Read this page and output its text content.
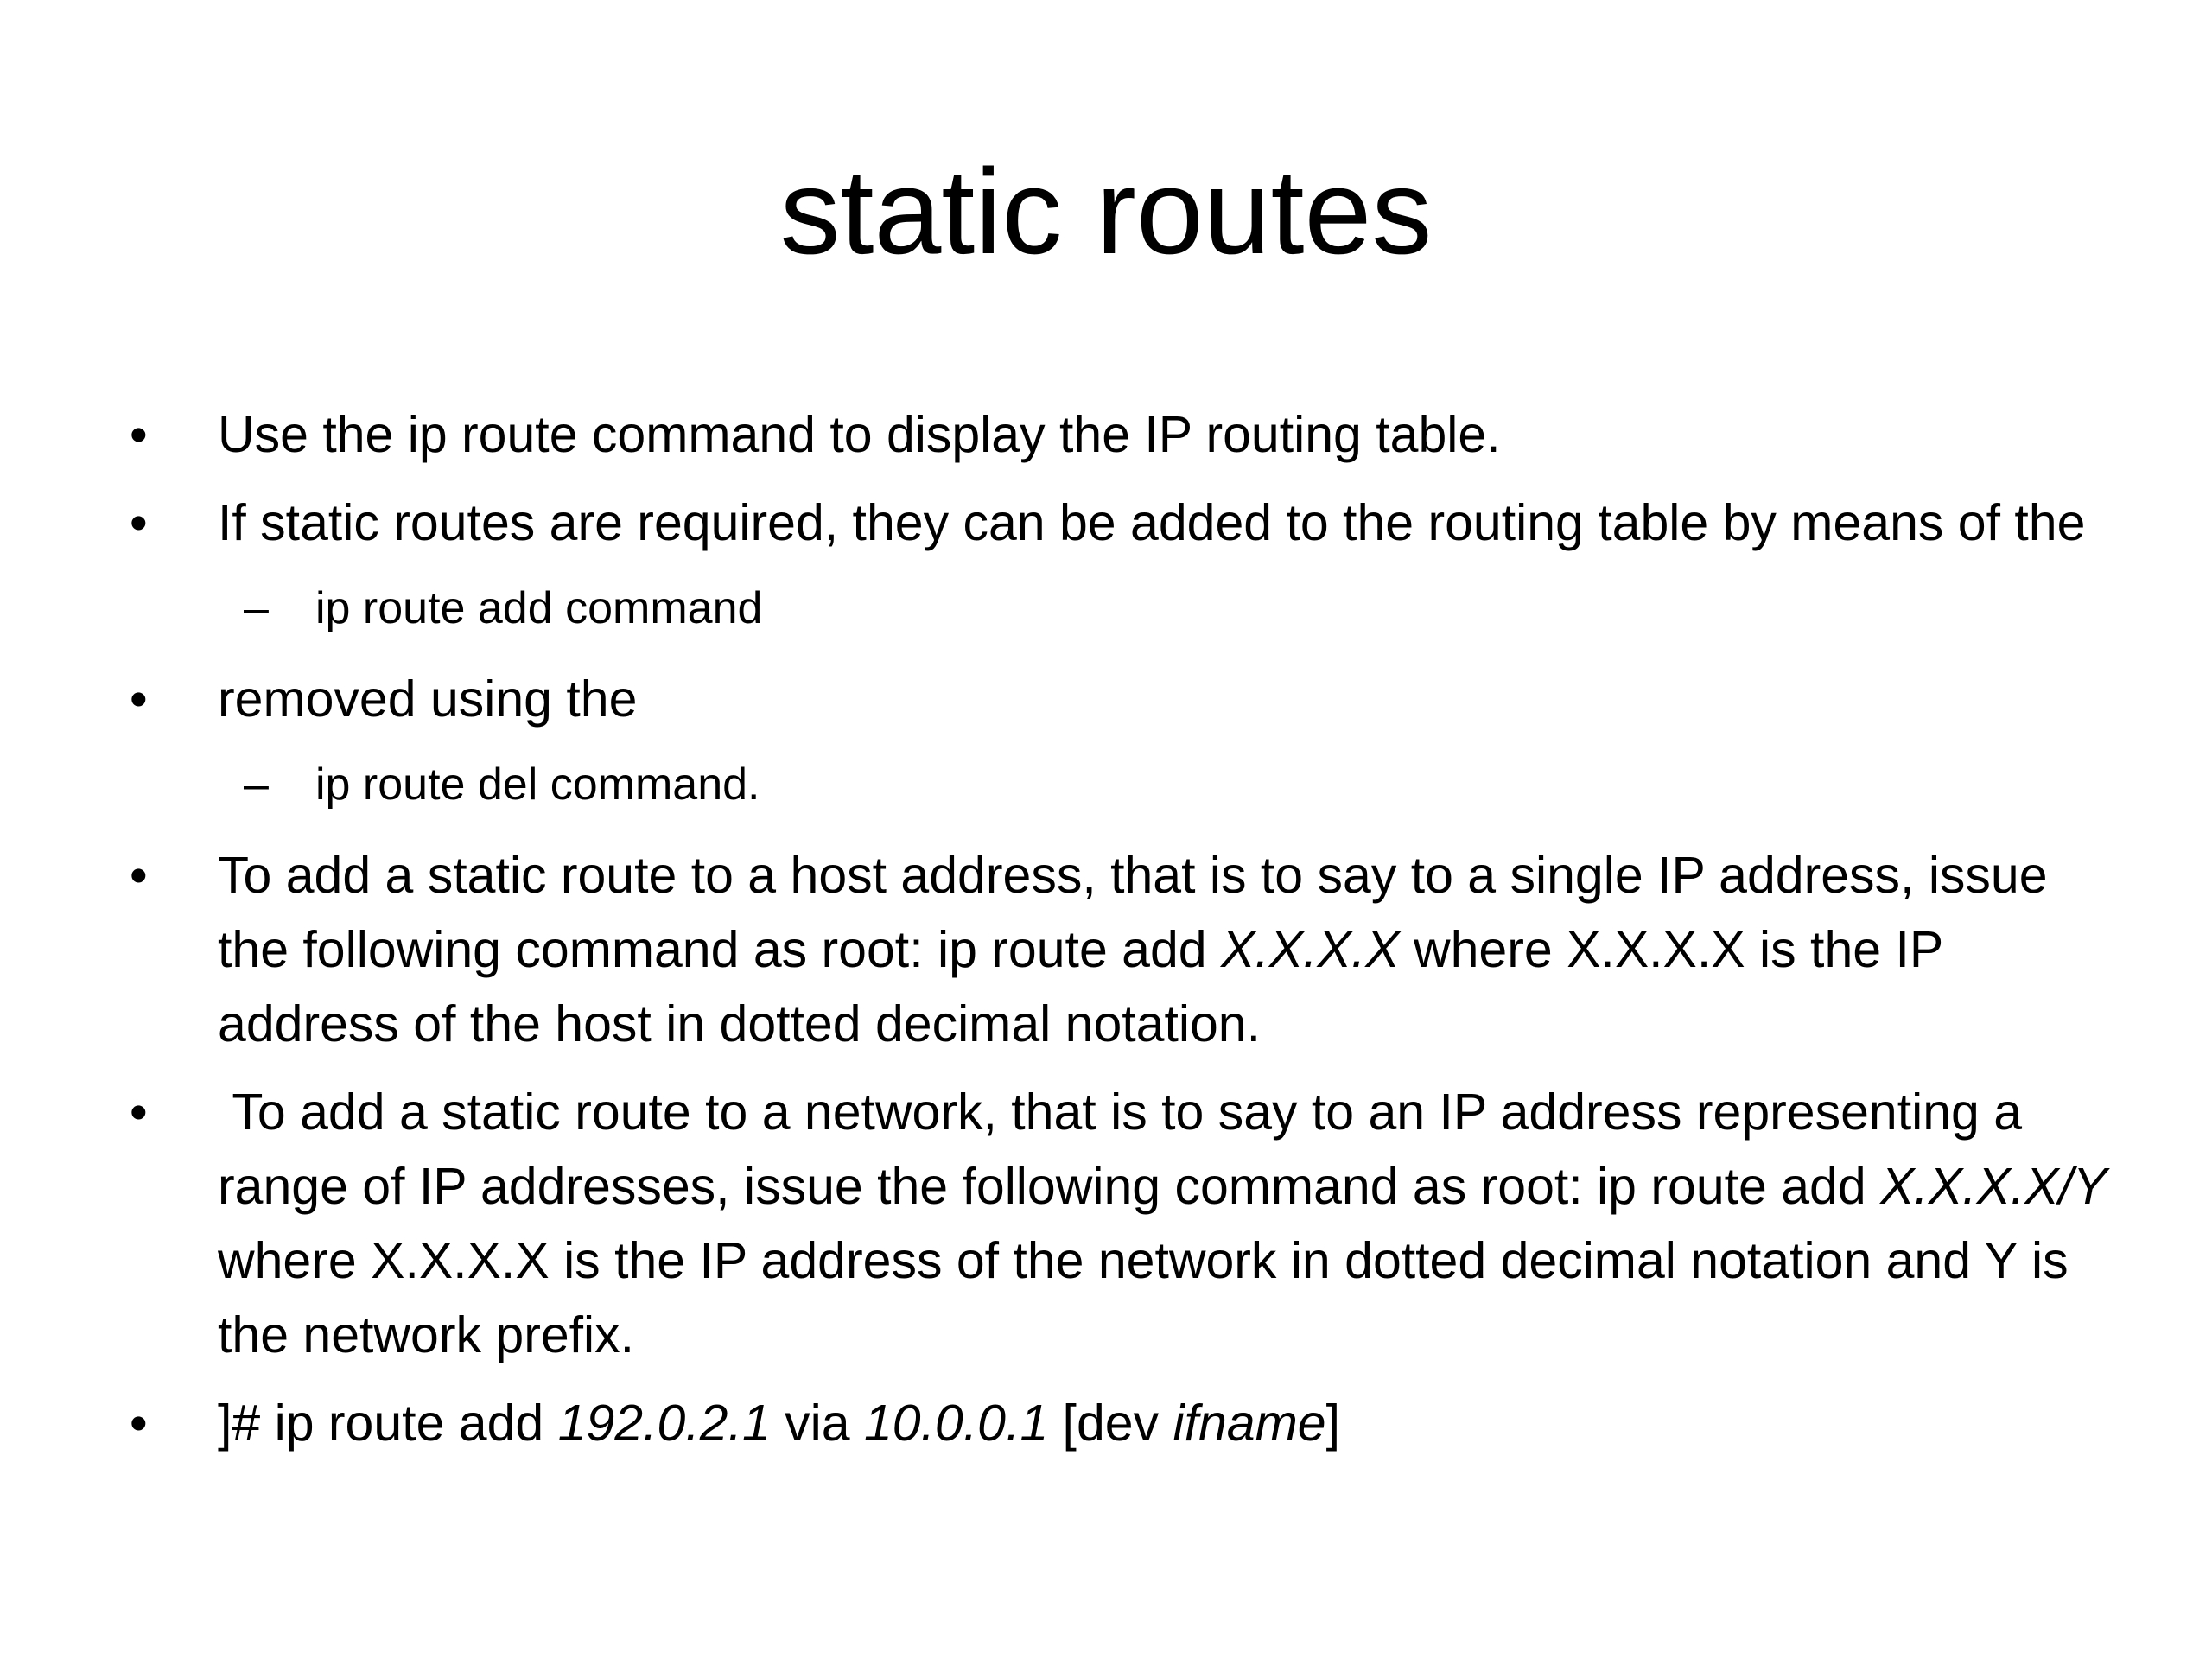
static routes
•	Use the ip route command to display the IP routing table.
•	If static routes are required, they can be added to the routing table by means of the
– ip route add command
•	removed using the
– ip route del command.
•	To add a static route to a host address, that is to say to a single IP address, issue the following command as root: ip route add X.X.X.X where X.X.X.X is the IP address of the host in dotted decimal notation.
•	To add a static route to a network, that is to say to an IP address representing a range of IP addresses, issue the following command as root: ip route add X.X.X.X/Y where X.X.X.X is the IP address of the network in dotted decimal notation and Y is the network prefix.
•	]# ip route add 192.0.2.1 via 10.0.0.1 [dev ifname]
